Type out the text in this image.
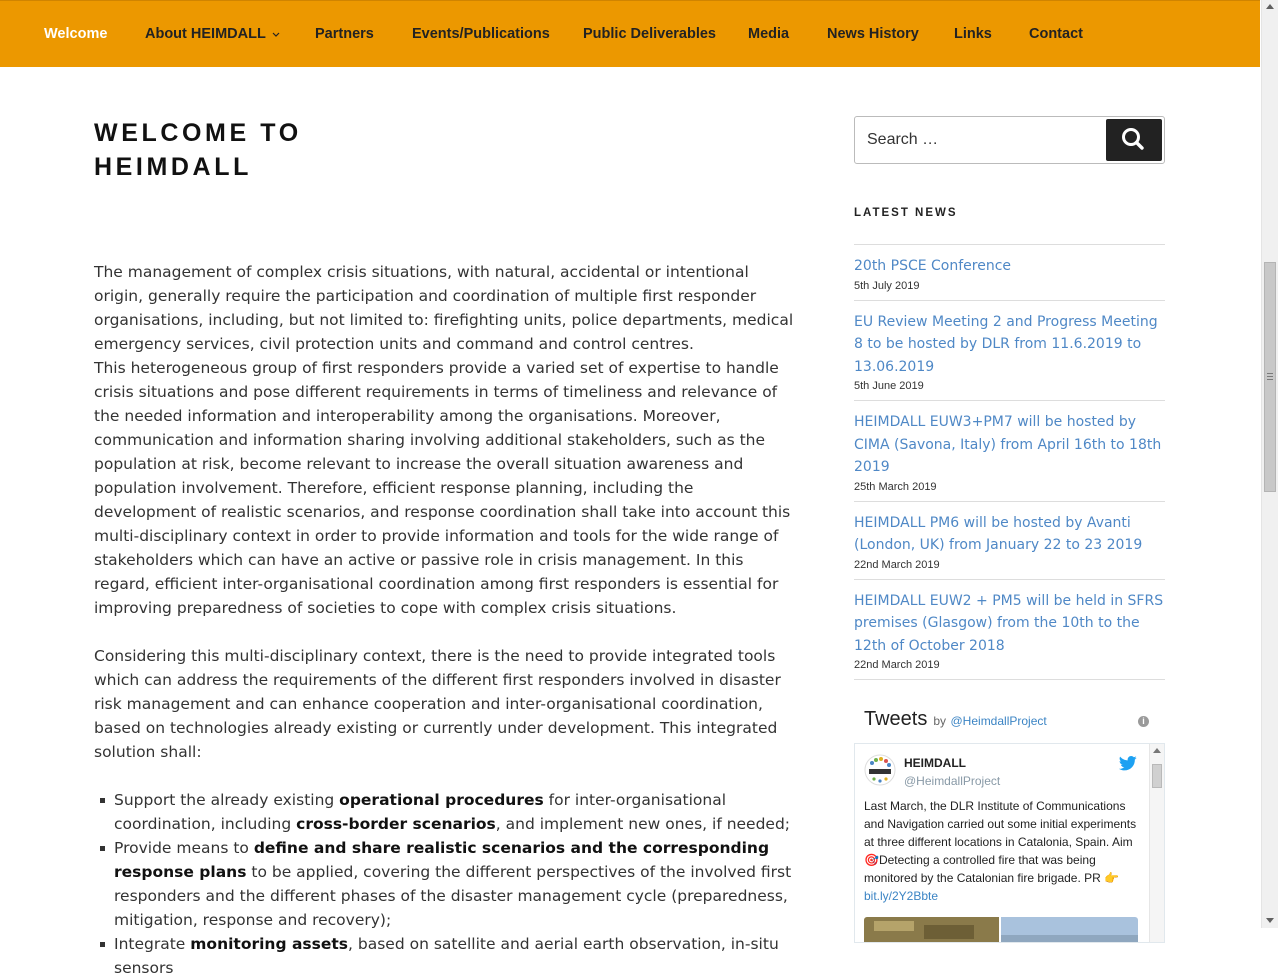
Welcome	About HEIMDALL	Partners	Events/Publications Public Deliverables Media	News History Links	Contact
WELCOME TO HEIMDALL

The management of complex crisis situations, with natural, accidental or intentional origin, generally require the participation and coordination of multiple first responder organisations, including, but not limited to: firefighting units, police departments, medical emergency services, civil protection units and command and control centres.

This heterogeneous group of first responders provide a varied set of expertise to handle crisis situations and pose different requirements in terms of timeliness and relevance of the needed information and interoperability among the organisations. Moreover, communication and information sharing involving additional stakeholders, such as the population at risk, become relevant to increase the overall situation awareness and population involvement. Therefore, efficient response planning, including the development of realistic scenarios, and response coordination shall take into account this multi-disciplinary context in order to provide information and tools for the wide range of stakeholders which can have an active or passive role in crisis management. In this regard, efficient inter-organisational coordination among first responders is essential for improving preparedness of societies to cope with complex crisis situations.

Considering this multi-disciplinary context, there is the need to provide integrated tools which can address the requirements of the different first responders involved in disaster risk management and can enhance cooperation and inter-organisational coordination, based on technologies already existing or currently under development. This integrated solution shall:

Support the already existing operational procedures for inter-organisational coordination, including cross-border scenarios, and implement new ones, if needed;
Provide means to define and share realistic scenarios and the corresponding response plans to be applied, covering the different perspectives of the involved first responders and the different phases of the disaster management cycle (preparedness, mitigation, response and recovery);
Integrate monitoring assets, based on satellite and aerial earth observation, in-situ sensors
Search …
LATEST NEWS
20th PSCE Conference
5th July 2019
EU Review Meeting 2 and Progress Meeting 8 to be hosted by DLR from 11.6.2019 to 13.06.2019
5th June 2019
HEIMDALL EUW3+PM7 will be hosted by CIMA (Savona, Italy) from April 16th to 18th 2019
25th March 2019
HEIMDALL PM6 will be hosted by Avanti (London, UK) from January 22 to 23 2019
22nd March 2019
HEIMDALL EUW2 + PM5 will be held in SFRS premises (Glasgow) from the 10th to the 12th of October 2018
22nd March 2019
Tweets by @HeimdallProject	i
HEIMDALL
@HeimdallProject
Last March, the DLR Institute of Communications and Navigation carried out some initial experiments at three different locations in Catalonia, Spain. Aim 🎯Detecting a controlled fire that was being monitored by the Catalonian fire brigade. PR 👉bit.ly/2Y2Bbte
